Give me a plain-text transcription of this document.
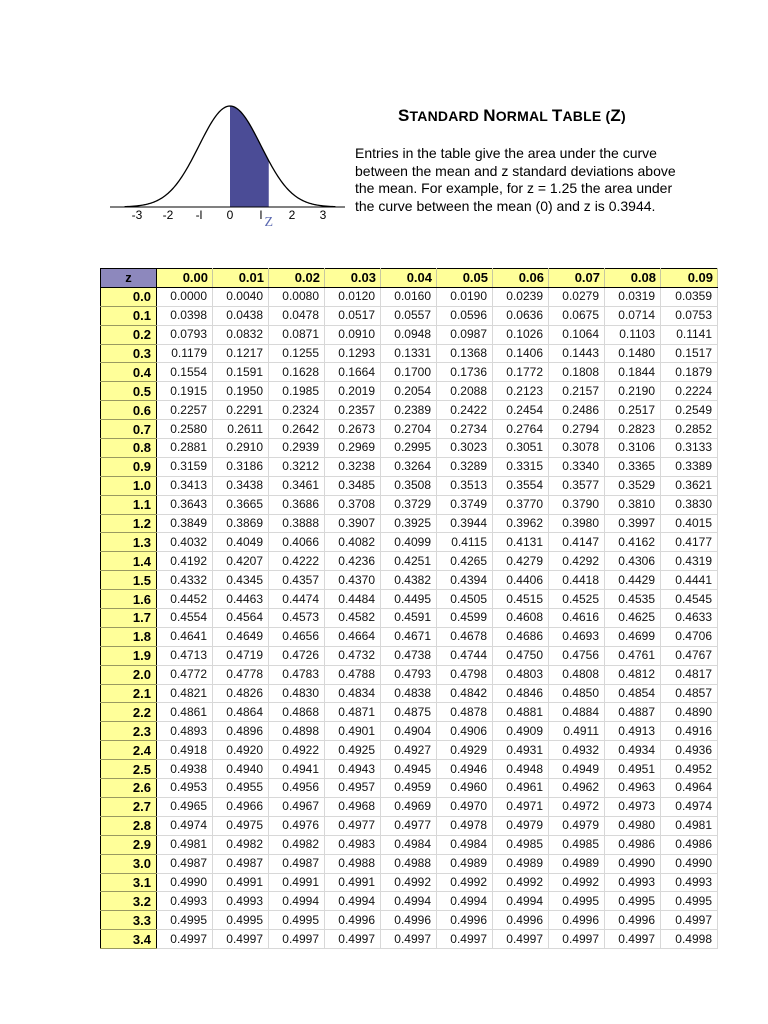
-3 -2 -l 0 l 2 3
Z
STANDARD NORMAL TABLE (Z)
Entries in the table give the area under the curve
between the mean and z standard deviations above
the mean. For example, for z = 1.25 the area under
the curve between the mean (0) and z is 0.3944.
z	0.00	0.01	0.02	0.03	0.04	0.05	0.06	0.07	0.08	0.09
0.0	0.0000	0.0040	0.0080	0.0120	0.0160	0.0190	0.0239	0.0279	0.0319	0.0359
0.1	0.0398	0.0438	0.0478	0.0517	0.0557	0.0596	0.0636	0.0675	0.0714	0.0753
0.2	0.0793	0.0832	0.0871	0.0910	0.0948	0.0987	0.1026	0.1064	0.1103	0.1141
0.3	0.1179	0.1217	0.1255	0.1293	0.1331	0.1368	0.1406	0.1443	0.1480	0.1517
0.4	0.1554	0.1591	0.1628	0.1664	0.1700	0.1736	0.1772	0.1808	0.1844	0.1879
0.5	0.1915	0.1950	0.1985	0.2019	0.2054	0.2088	0.2123	0.2157	0.2190	0.2224
0.6	0.2257	0.2291	0.2324	0.2357	0.2389	0.2422	0.2454	0.2486	0.2517	0.2549
0.7	0.2580	0.2611	0.2642	0.2673	0.2704	0.2734	0.2764	0.2794	0.2823	0.2852
0.8	0.2881	0.2910	0.2939	0.2969	0.2995	0.3023	0.3051	0.3078	0.3106	0.3133
0.9	0.3159	0.3186	0.3212	0.3238	0.3264	0.3289	0.3315	0.3340	0.3365	0.3389
1.0	0.3413	0.3438	0.3461	0.3485	0.3508	0.3513	0.3554	0.3577	0.3529	0.3621
1.1	0.3643	0.3665	0.3686	0.3708	0.3729	0.3749	0.3770	0.3790	0.3810	0.3830
1.2	0.3849	0.3869	0.3888	0.3907	0.3925	0.3944	0.3962	0.3980	0.3997	0.4015
1.3	0.4032	0.4049	0.4066	0.4082	0.4099	0.4115	0.4131	0.4147	0.4162	0.4177
1.4	0.4192	0.4207	0.4222	0.4236	0.4251	0.4265	0.4279	0.4292	0.4306	0.4319
1.5	0.4332	0.4345	0.4357	0.4370	0.4382	0.4394	0.4406	0.4418	0.4429	0.4441
1.6	0.4452	0.4463	0.4474	0.4484	0.4495	0.4505	0.4515	0.4525	0.4535	0.4545
1.7	0.4554	0.4564	0.4573	0.4582	0.4591	0.4599	0.4608	0.4616	0.4625	0.4633
1.8	0.4641	0.4649	0.4656	0.4664	0.4671	0.4678	0.4686	0.4693	0.4699	0.4706
1.9	0.4713	0.4719	0.4726	0.4732	0.4738	0.4744	0.4750	0.4756	0.4761	0.4767
2.0	0.4772	0.4778	0.4783	0.4788	0.4793	0.4798	0.4803	0.4808	0.4812	0.4817
2.1	0.4821	0.4826	0.4830	0.4834	0.4838	0.4842	0.4846	0.4850	0.4854	0.4857
2.2	0.4861	0.4864	0.4868	0.4871	0.4875	0.4878	0.4881	0.4884	0.4887	0.4890
2.3	0.4893	0.4896	0.4898	0.4901	0.4904	0.4906	0.4909	0.4911	0.4913	0.4916
2.4	0.4918	0.4920	0.4922	0.4925	0.4927	0.4929	0.4931	0.4932	0.4934	0.4936
2.5	0.4938	0.4940	0.4941	0.4943	0.4945	0.4946	0.4948	0.4949	0.4951	0.4952
2.6	0.4953	0.4955	0.4956	0.4957	0.4959	0.4960	0.4961	0.4962	0.4963	0.4964
2.7	0.4965	0.4966	0.4967	0.4968	0.4969	0.4970	0.4971	0.4972	0.4973	0.4974
2.8	0.4974	0.4975	0.4976	0.4977	0.4977	0.4978	0.4979	0.4979	0.4980	0.4981
2.9	0.4981	0.4982	0.4982	0.4983	0.4984	0.4984	0.4985	0.4985	0.4986	0.4986
3.0	0.4987	0.4987	0.4987	0.4988	0.4988	0.4989	0.4989	0.4989	0.4990	0.4990
3.1	0.4990	0.4991	0.4991	0.4991	0.4992	0.4992	0.4992	0.4992	0.4993	0.4993
3.2	0.4993	0.4993	0.4994	0.4994	0.4994	0.4994	0.4994	0.4995	0.4995	0.4995
3.3	0.4995	0.4995	0.4995	0.4996	0.4996	0.4996	0.4996	0.4996	0.4996	0.4997
3.4	0.4997	0.4997	0.4997	0.4997	0.4997	0.4997	0.4997	0.4997	0.4997	0.4998
